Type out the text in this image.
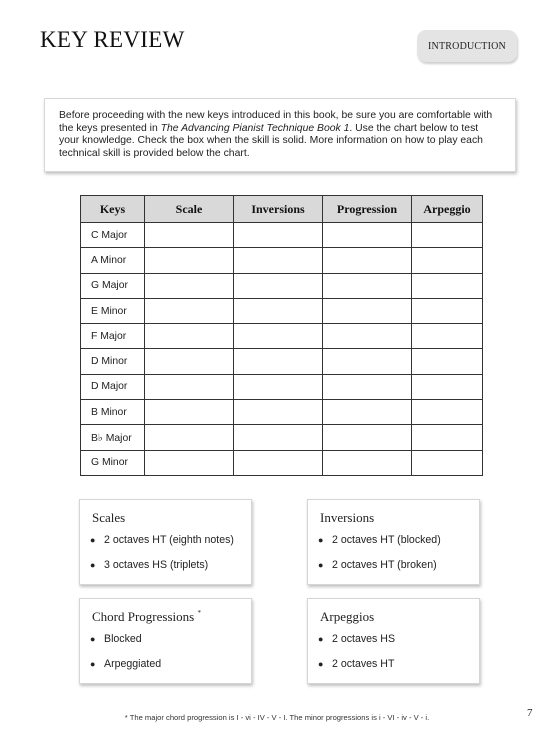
KEY REVIEW	INTRODUCTION
Before proceeding with the new keys introduced in this book, be sure you are comfortable with the keys presented in The Advancing Pianist Technique Book 1. Use the chart below to test your knowledge. Check the box when the skill is solid. More information on how to play each technical skill is provided below the chart.
Keys	Scale	Inversions	Progression	Arpeggio
C Major				
A Minor				
G Major				
E Minor				
F Major				
D Minor				
D Major				
B Minor				
B♭ Major				
G Minor				
Scales
● 2 octaves HT (eighth notes)
● 3 octaves HS (triplets)
Inversions
● 2 octaves HT (blocked)
● 2 octaves HT (broken)
Chord Progressions *
● Blocked
● Arpeggiated
Arpeggios
● 2 octaves HS
● 2 octaves HT
* The major chord progression is I - vi - IV - V - I. The minor progressions is i - VI - iv - V - i.	7
